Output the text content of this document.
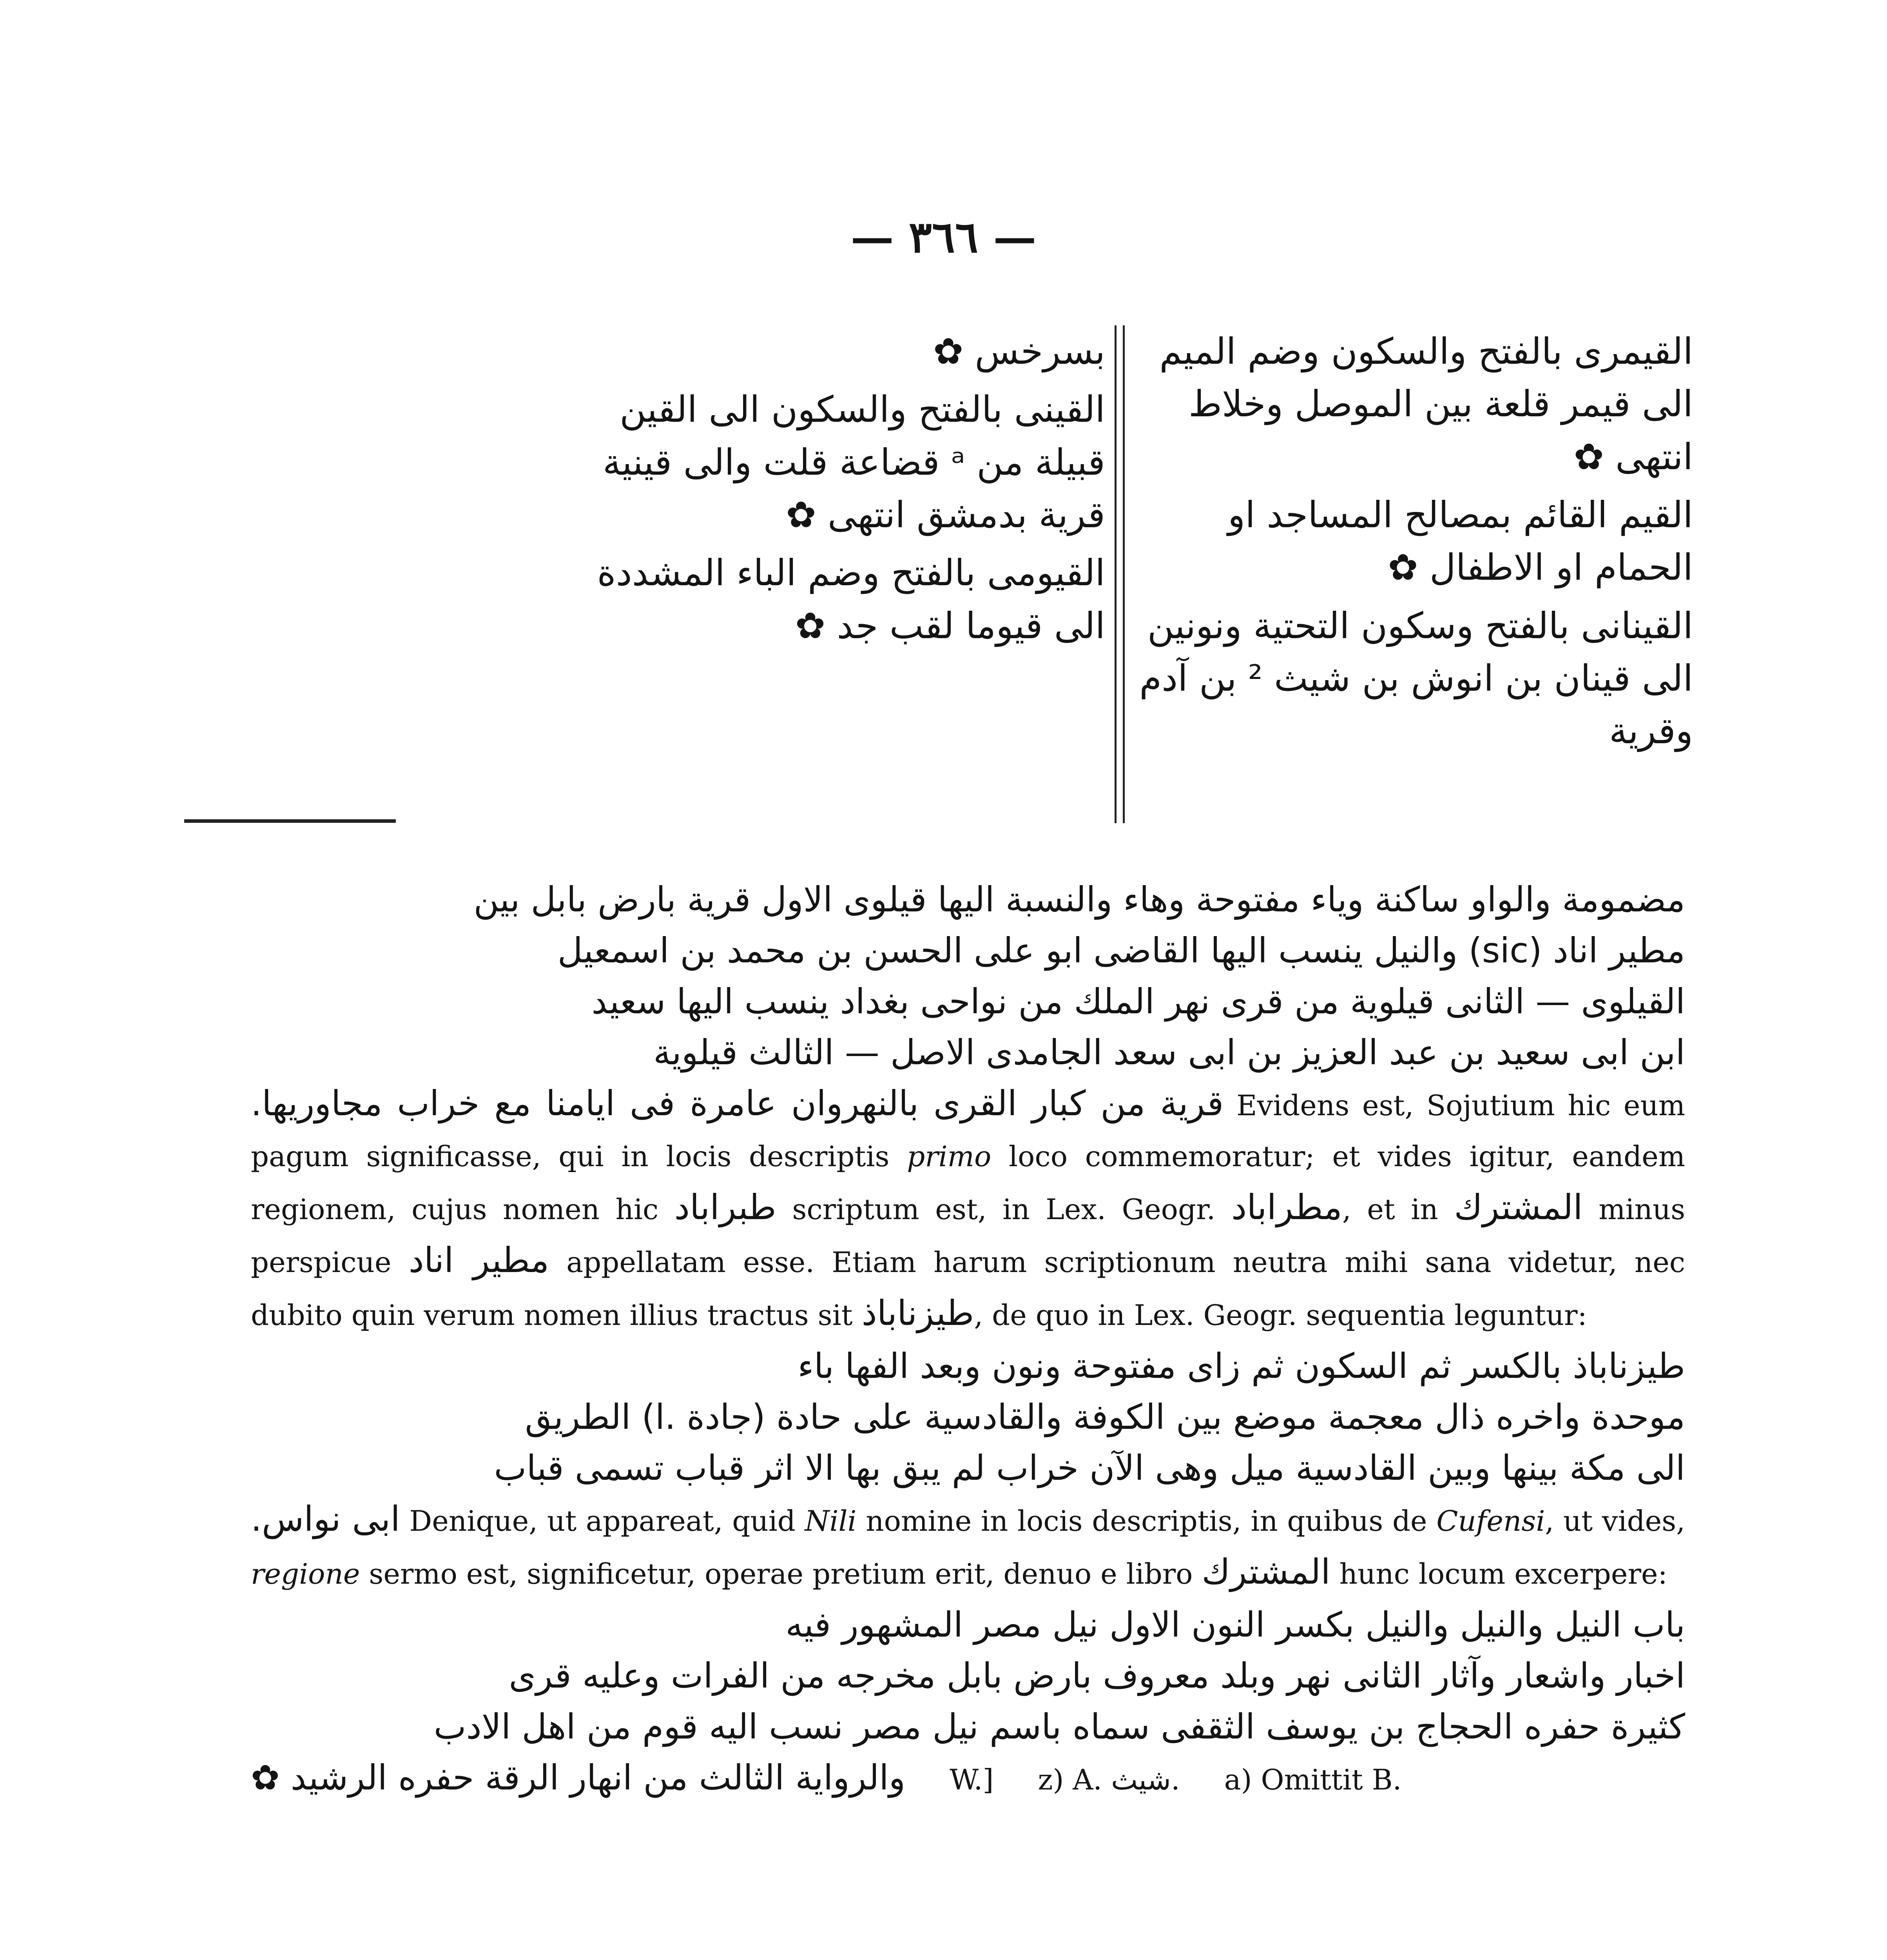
— ٣٦٦ —
القيمرى بالفتح والسكون وضم الميم الى قيمر قلعة بين الموصل وخلاط انتهى ✿
القيم القائم بمصالح المساجد او الحمام او الاطفال ✿
القينانى بالفتح وسكون التحتية ونونين الى قينان بن انوش بن شيث ² بن آدم وقرية
بسرخس ✿
القينى بالفتح والسكون الى القين قبيلة من ᵃ قضاعة قلت والى قينية قرية بدمشق انتهى ✿
القيومى بالفتح وضم الباء المشددة الى قيوما لقب جد ✿
مضمومة والواو ساكنة وياء مفتوحة وهاء والنسبة اليها قيلوى الاول قرية بارض بابل بين
مطير اناد (sic) والنيل ينسب اليها القاضى ابو على الحسن بن محمد بن اسمعيل
القيلوى — الثانى قيلوية من قرى نهر الملك من نواحى بغداد ينسب اليها سعيد
ابن ابى سعيد بن عبد العزيز بن ابى سعد الجامدى الاصل — الثالث قيلوية
قرية من كبار القرى بالنهروان عامرة فى ايامنا مع خراب مجاوريها. Evidens est, Sojutium hic eum pagum significasse, qui in locis descriptis primo loco commemoratur; et vides igitur, eandem regionem, cujus nomen hic طبراباد scriptum est, in Lex. Geogr. مطراباد, et in المشترك minus perspicue مطير اناد appellatam esse. Etiam harum scriptionum neutra mihi sana videtur, nec dubito quin verum nomen illius tractus sit طيزناباذ, de quo in Lex. Geogr. sequentia leguntur:
طيزناباذ بالكسر ثم السكون ثم زاى مفتوحة ونون وبعد الفها باء
موحدة واخره ذال معجمة موضع بين الكوفة والقادسية على حادة (جادة .l) الطريق
الى مكة بينها وبين القادسية ميل وهى الآن خراب لم يبق بها الا اثر قباب تسمى قباب
ابى نواس. Denique, ut appareat, quid Nili nomine in locis descriptis, in quibus de Cufensi, ut vides, regione sermo est, significetur, operae pretium erit, denuo e libro المشترك hunc locum excerpere:
باب النيل والنيل والنيل بكسر النون الاول نيل مصر المشهور فيه
اخبار واشعار وآثار الثانى نهر وبلد معروف بارض بابل مخرجه من الفرات وعليه قرى
كثيرة حفره الحجاج بن يوسف الثقفى سماه باسم نيل مصر نسب اليه قوم من اهل الادب
والرواية الثالث من انهار الرقة حفره الرشيد ✿ W.] z) A. شيث. a) Omittit B.
